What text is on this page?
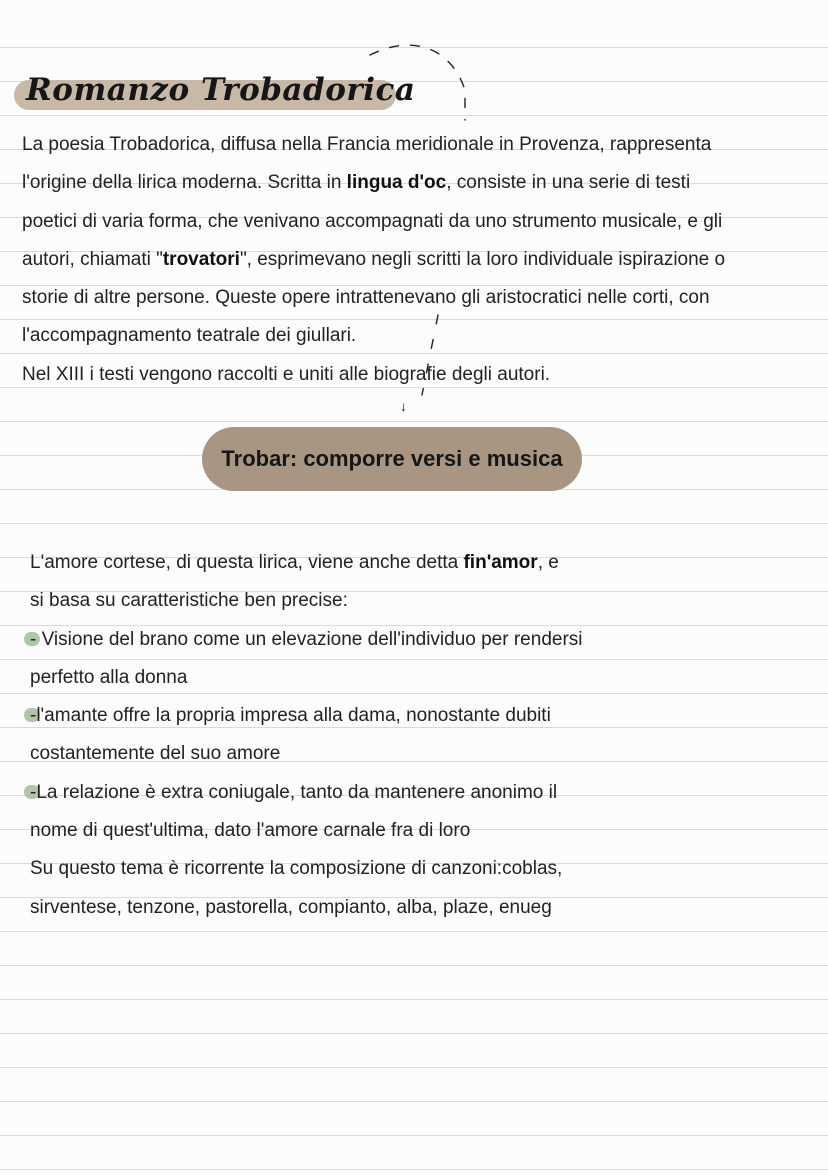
Romanzo Trobadorica

La poesia Trobadorica, diffusa nella Francia meridionale in Provenza, rappresenta

l'origine della lirica moderna. Scritta in lingua d'oc, consiste in una serie di testi

poetici di varia forma, che venivano accompagnati da uno strumento musicale, e gli

autori, chiamati "trovatori", esprimevano negli scritti la loro individuale ispirazione o

storie di altre persone. Queste opere intrattenevano gli aristocratici nelle corti, con

l'accompagnamento teatrale dei giullari.

Nel XIII i testi vengono raccolti e uniti alle biografie degli autori.

↓
Trobar: comporre versi e musica

L'amore cortese, di questa lirica, viene anche detta fin'amor, e

si basa su caratteristiche ben precise:

- Visione del brano come un elevazione dell'individuo per rendersi

perfetto alla donna

-l'amante offre la propria impresa alla dama, nonostante dubiti

costantemente del suo amore

-La relazione è extra coniugale, tanto da mantenere anonimo il

nome di quest'ultima, dato l'amore carnale fra di loro

Su questo tema è ricorrente la composizione di canzoni:coblas,

sirventese, tenzone, pastorella, compianto, alba, plaze, enueg
